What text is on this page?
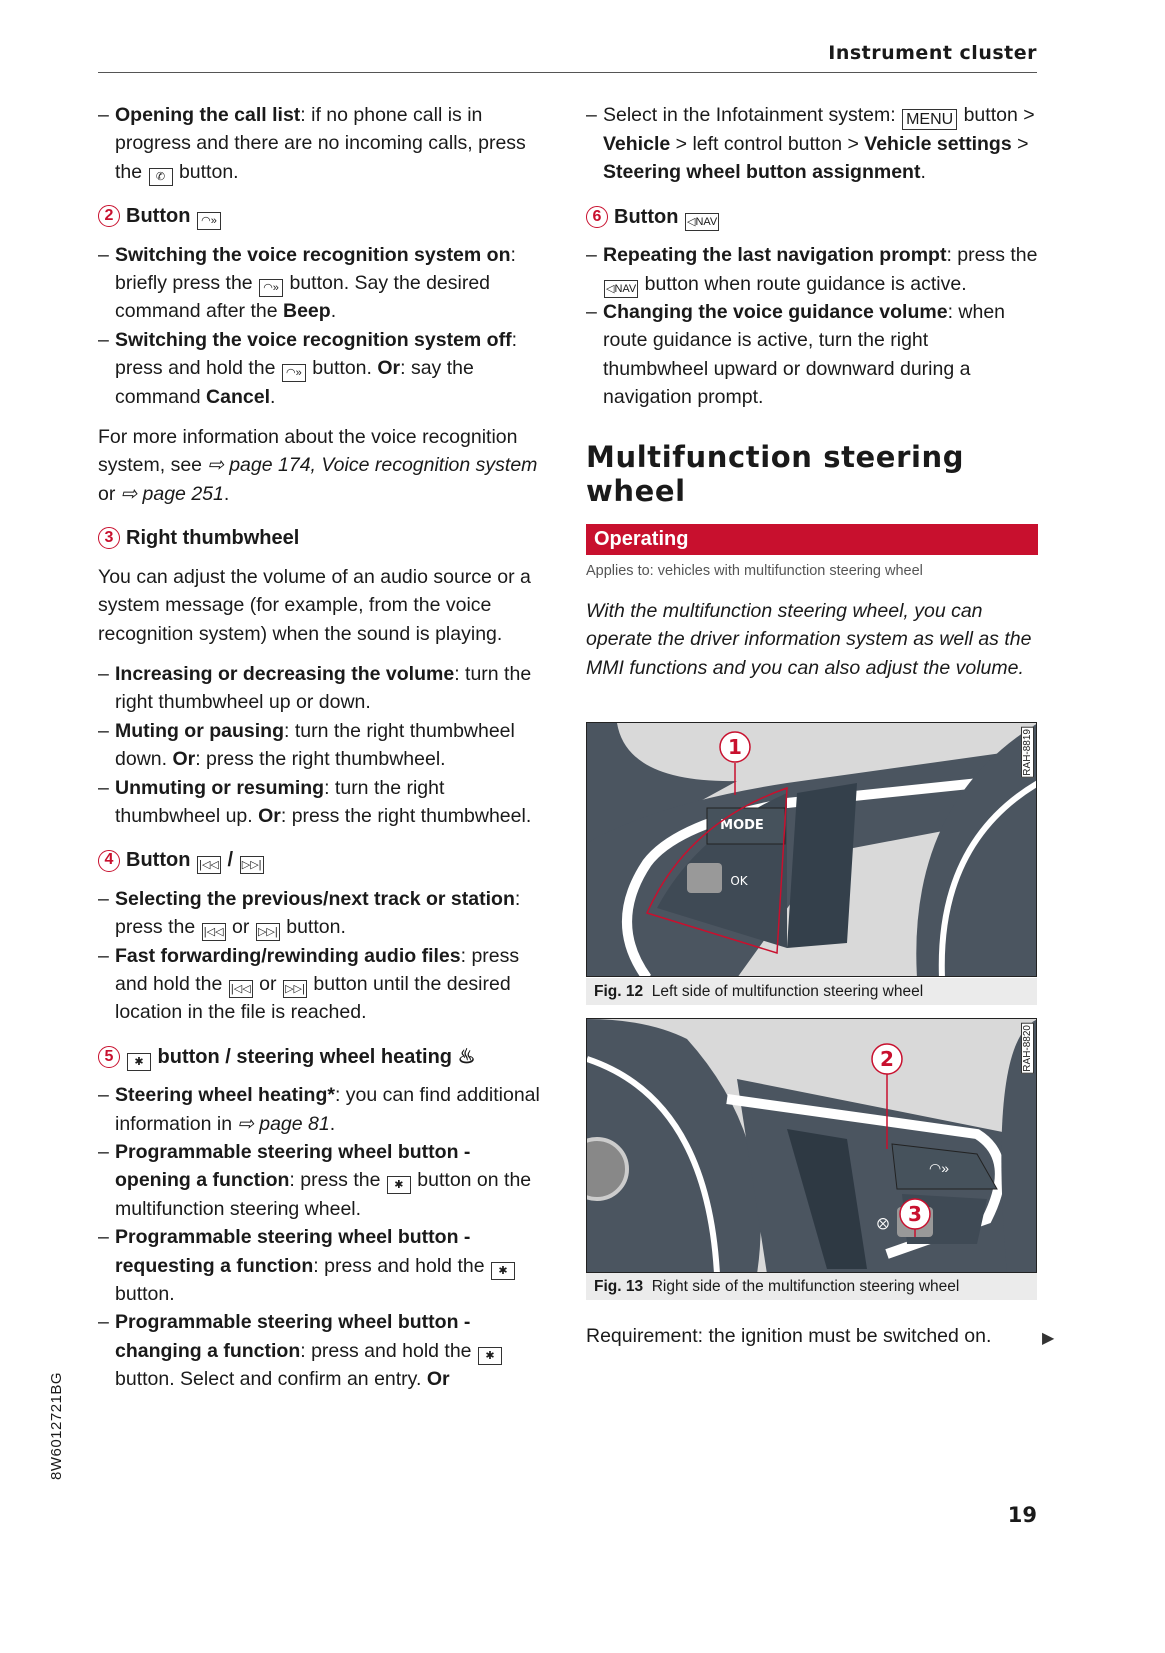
Instrument cluster
– Opening the call list: if no phone call is in progress and there are no incoming calls, press the ✆ button.
2 Button ◠»
– Switching the voice recognition system on: briefly press the ◠» button. Say the desired command after the Beep.
– Switching the voice recognition system off: press and hold the ◠» button. Or: say the command Cancel.
For more information about the voice recognition system, see ⇨ page 174, Voice recognition system or ⇨ page 251.
3 Right thumbwheel
You can adjust the volume of an audio source or a system message (for example, from the voice recognition system) when the sound is playing.
– Increasing or decreasing the volume: turn the right thumbwheel up or down.
– Muting or pausing: turn the right thumbwheel down. Or: press the right thumbwheel.
– Unmuting or resuming: turn the right thumbwheel up. Or: press the right thumbwheel.
4 Button |◁◁ / ▷▷|
– Selecting the previous/next track or station: press the |◁◁ or ▷▷| button.
– Fast forwarding/rewinding audio files: press and hold the |◁◁ or ▷▷| button until the desired location in the file is reached.
5	✱ button / steering wheel heating ♨
– Steering wheel heating*: you can find additional information in ⇨ page 81.
– Programmable steering wheel button - opening a function: press the ✱ button on the multifunction steering wheel.
– Programmable steering wheel button - requesting a function: press and hold the ✱ button.
– Programmable steering wheel button - changing a function: press and hold the ✱ button. Select and confirm an entry. Or
– Select in the Infotainment system: MENU button > Vehicle > left control button > Vehicle settings > Steering wheel button assignment.
6 Button ◁NAV
– Repeating the last navigation prompt: press the ◁NAV button when route guidance is active.
– Changing the voice guidance volume: when route guidance is active, turn the right thumbwheel upward or downward during a navigation prompt.
Multifunction steering wheel
Operating
Applies to: vehicles with multifunction steering wheel
With the multifunction steering wheel, you can operate the driver information system as well as the MMI functions and you can also adjust the volume.
MODE
OK
1	RAH-8819
Fig. 12 Left side of multifunction steering wheel
⨂
◠»
2
3
RAH-8820
Fig. 13 Right side of the multifunction steering wheel
Requirement: the ignition must be switched on.	▶
19
8W6012721BG
